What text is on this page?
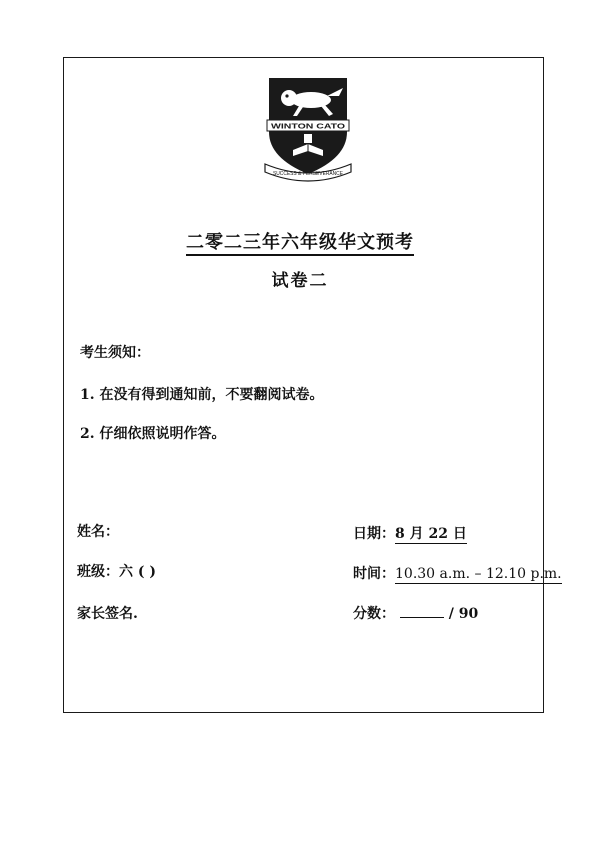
WINTON CATO
SUCCESS & PERSEVERANCE
二零二三年六年级华文预考
试卷二
考生须知：
1. 在没有得到通知前，不要翻阅试卷。
2. 仔细依照说明作答。
姓名：
班级：六 ( )
家长签名.
日期：8 月 22 日
时间：10.30 a.m. – 12.10 p.m.
分数：	/ 90
